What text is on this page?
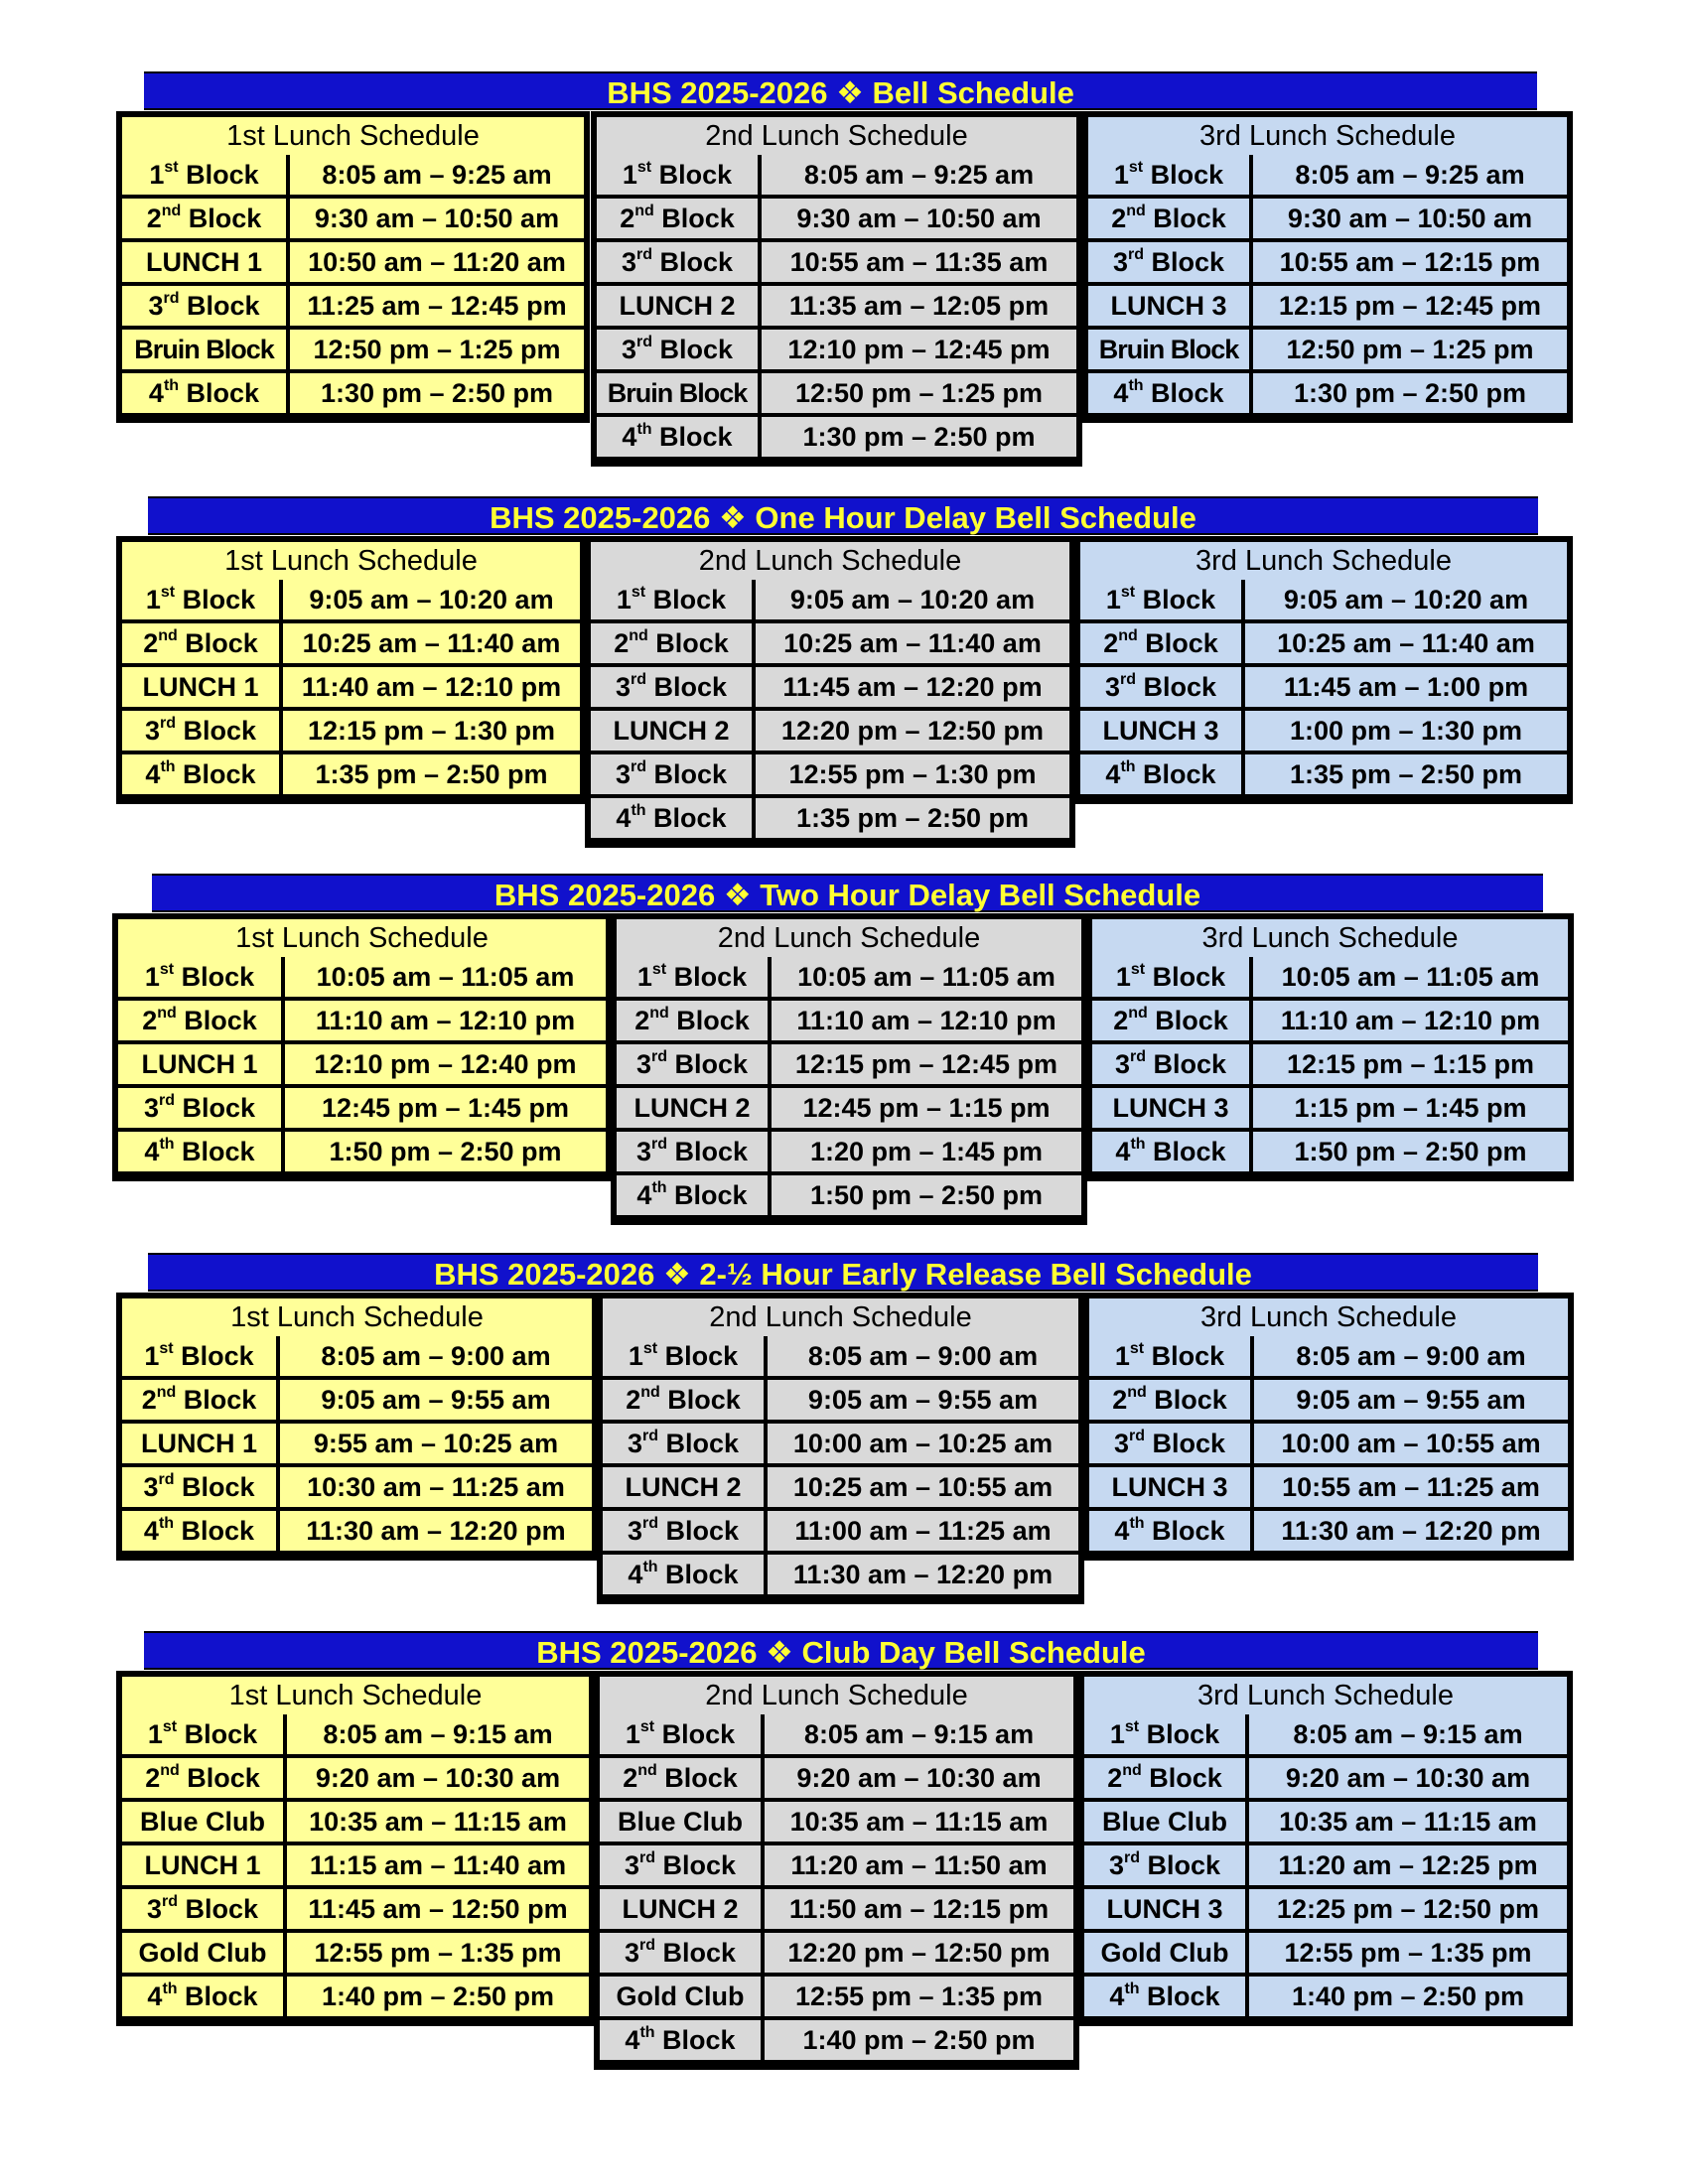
BHS 2025-2026 ❖ Bell Schedule
1st Lunch Schedule
1st Block	8:05 am – 9:25 am
2nd Block	9:30 am – 10:50 am
LUNCH 1	10:50 am – 11:20 am
3rd Block	11:25 am – 12:45 pm
Bruin Block	12:50 pm – 1:25 pm
4th Block	1:30 pm – 2:50 pm
2nd Lunch Schedule
1st Block	8:05 am – 9:25 am
2nd Block	9:30 am – 10:50 am
3rd Block	10:55 am – 11:35 am
LUNCH 2	11:35 am – 12:05 pm
3rd Block	12:10 pm – 12:45 pm
Bruin Block	12:50 pm – 1:25 pm
4th Block	1:30 pm – 2:50 pm
3rd Lunch Schedule
1st Block	8:05 am – 9:25 am
2nd Block	9:30 am – 10:50 am
3rd Block	10:55 am – 12:15 pm
LUNCH 3	12:15 pm – 12:45 pm
Bruin Block	12:50 pm – 1:25 pm
4th Block	1:30 pm – 2:50 pm
BHS 2025-2026 ❖ One Hour Delay Bell Schedule
1st Lunch Schedule
1st Block	9:05 am – 10:20 am
2nd Block	10:25 am – 11:40 am
LUNCH 1	11:40 am – 12:10 pm
3rd Block	12:15 pm – 1:30 pm
4th Block	1:35 pm – 2:50 pm
2nd Lunch Schedule
1st Block	9:05 am – 10:20 am
2nd Block	10:25 am – 11:40 am
3rd Block	11:45 am – 12:20 pm
LUNCH 2	12:20 pm – 12:50 pm
3rd Block	12:55 pm – 1:30 pm
4th Block	1:35 pm – 2:50 pm
3rd Lunch Schedule
1st Block	9:05 am – 10:20 am
2nd Block	10:25 am – 11:40 am
3rd Block	11:45 am – 1:00 pm
LUNCH 3	1:00 pm – 1:30 pm
4th Block	1:35 pm – 2:50 pm
BHS 2025-2026 ❖ Two Hour Delay Bell Schedule
1st Lunch Schedule
1st Block	10:05 am – 11:05 am
2nd Block	11:10 am – 12:10 pm
LUNCH 1	12:10 pm – 12:40 pm
3rd Block	12:45 pm – 1:45 pm
4th Block	1:50 pm – 2:50 pm
2nd Lunch Schedule
1st Block	10:05 am – 11:05 am
2nd Block	11:10 am – 12:10 pm
3rd Block	12:15 pm – 12:45 pm
LUNCH 2	12:45 pm – 1:15 pm
3rd Block	1:20 pm – 1:45 pm
4th Block	1:50 pm – 2:50 pm
3rd Lunch Schedule
1st Block	10:05 am – 11:05 am
2nd Block	11:10 am – 12:10 pm
3rd Block	12:15 pm – 1:15 pm
LUNCH 3	1:15 pm – 1:45 pm
4th Block	1:50 pm – 2:50 pm
BHS 2025-2026 ❖ 2-½ Hour Early Release Bell Schedule
1st Lunch Schedule
1st Block	8:05 am – 9:00 am
2nd Block	9:05 am – 9:55 am
LUNCH 1	9:55 am – 10:25 am
3rd Block	10:30 am – 11:25 am
4th Block	11:30 am – 12:20 pm
2nd Lunch Schedule
1st Block	8:05 am – 9:00 am
2nd Block	9:05 am – 9:55 am
3rd Block	10:00 am – 10:25 am
LUNCH 2	10:25 am – 10:55 am
3rd Block	11:00 am – 11:25 am
4th Block	11:30 am – 12:20 pm
3rd Lunch Schedule
1st Block	8:05 am – 9:00 am
2nd Block	9:05 am – 9:55 am
3rd Block	10:00 am – 10:55 am
LUNCH 3	10:55 am – 11:25 am
4th Block	11:30 am – 12:20 pm
BHS 2025-2026 ❖ Club Day Bell Schedule
1st Lunch Schedule
1st Block	8:05 am – 9:15 am
2nd Block	9:20 am – 10:30 am
Blue Club	10:35 am – 11:15 am
LUNCH 1	11:15 am – 11:40 am
3rd Block	11:45 am – 12:50 pm
Gold Club	12:55 pm – 1:35 pm
4th Block	1:40 pm – 2:50 pm
2nd Lunch Schedule
1st Block	8:05 am – 9:15 am
2nd Block	9:20 am – 10:30 am
Blue Club	10:35 am – 11:15 am
3rd Block	11:20 am – 11:50 am
LUNCH 2	11:50 am – 12:15 pm
3rd Block	12:20 pm – 12:50 pm
Gold Club	12:55 pm – 1:35 pm
4th Block	1:40 pm – 2:50 pm
3rd Lunch Schedule
1st Block	8:05 am – 9:15 am
2nd Block	9:20 am – 10:30 am
Blue Club	10:35 am – 11:15 am
3rd Block	11:20 am – 12:25 pm
LUNCH 3	12:25 pm – 12:50 pm
Gold Club	12:55 pm – 1:35 pm
4th Block	1:40 pm – 2:50 pm
